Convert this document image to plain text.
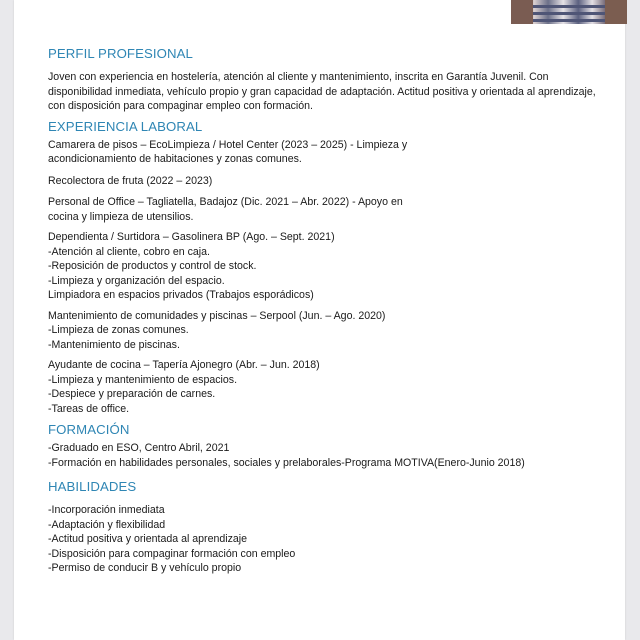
PERFIL PROFESIONAL

Joven con experiencia en hostelería, atención al cliente y mantenimiento, inscrita en Garantía Juvenil. Con

disponibilidad inmediata, vehículo propio y gran capacidad de adaptación. Actitud positiva y orientada al aprendizaje,

con disposición para compaginar empleo con formación.

EXPERIENCIA LABORAL

Camarera de pisos – EcoLimpieza / Hotel Center (2023 – 2025) - Limpieza y

acondicionamiento de habitaciones y zonas comunes.

Recolectora de fruta (2022 – 2023)

Personal de Office – Tagliatella, Badajoz (Dic. 2021 – Abr. 2022) - Apoyo en

cocina y limpieza de utensilios.

Dependienta / Surtidora – Gasolinera BP (Ago. – Sept. 2021)

-Atención al cliente, cobro en caja.

-Reposición de productos y control de stock.

-Limpieza y organización del espacio.

Limpiadora en espacios privados (Trabajos esporádicos)

Mantenimiento de comunidades y piscinas – Serpool (Jun. – Ago. 2020)

-Limpieza de zonas comunes.

-Mantenimiento de piscinas.

Ayudante de cocina – Tapería Ajonegro (Abr. – Jun. 2018)

-Limpieza y mantenimiento de espacios.

-Despiece y preparación de carnes.

-Tareas de office.

FORMACIÓN

-Graduado en ESO, Centro Abril, 2021

-Formación en habilidades personales, sociales y prelaborales-Programa MOTIVA(Enero-Junio 2018)

HABILIDADES

-Incorporación inmediata

-Adaptación y flexibilidad

-Actitud positiva y orientada al aprendizaje

-Disposición para compaginar formación con empleo

-Permiso de conducir B y vehículo propio
